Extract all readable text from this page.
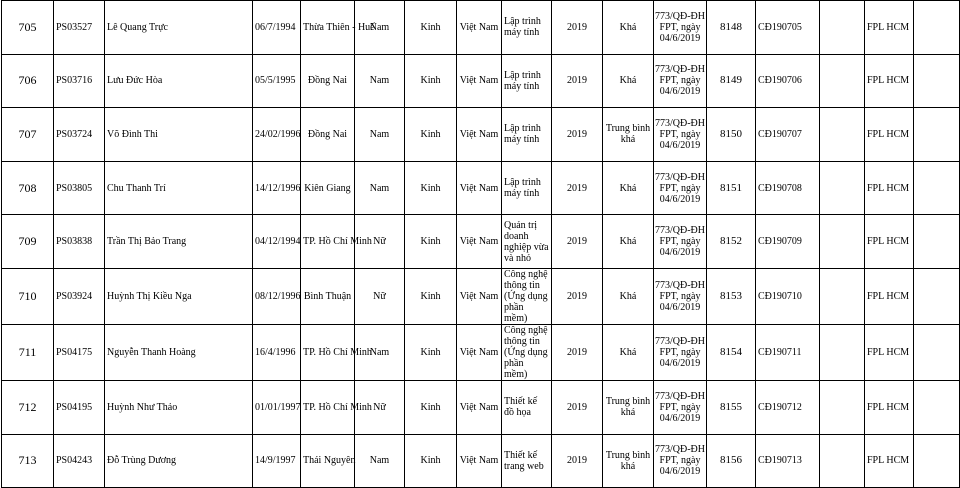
705	PS03527	Lê Quang Trực	06/7/1994	Thừa Thiên - Huế	Nam	Kinh	Việt Nam	Lập trình máy tính	2019	Khá	773/QĐ-ĐH FPT, ngày 04/6/2019	8148	CĐ190705		FPL HCM	
706	PS03716	Lưu Đức Hòa	05/5/1995	Đồng Nai	Nam	Kinh	Việt Nam	Lập trình máy tính	2019	Khá	773/QĐ-ĐH FPT, ngày 04/6/2019	8149	CĐ190706		FPL HCM	
707	PS03724	Võ Đình Thi	24/02/1996	Đồng Nai	Nam	Kinh	Việt Nam	Lập trình máy tính	2019	Trung bình khá	773/QĐ-ĐH FPT, ngày 04/6/2019	8150	CĐ190707		FPL HCM	
708	PS03805	Chu Thanh Trí	14/12/1996	Kiên Giang	Nam	Kinh	Việt Nam	Lập trình máy tính	2019	Khá	773/QĐ-ĐH FPT, ngày 04/6/2019	8151	CĐ190708		FPL HCM	
709	PS03838	Trần Thị Bảo Trang	04/12/1994	TP. Hồ Chí Minh	Nữ	Kinh	Việt Nam	Quản trị doanh nghiệp vừa và nhỏ	2019	Khá	773/QĐ-ĐH FPT, ngày 04/6/2019	8152	CĐ190709		FPL HCM	
710	PS03924	Huỳnh Thị Kiều Nga	08/12/1996	Bình Thuận	Nữ	Kinh	Việt Nam	Công nghệ thông tin (Ứng dụng phần mềm)	2019	Khá	773/QĐ-ĐH FPT, ngày 04/6/2019	8153	CĐ190710		FPL HCM	
711	PS04175	Nguyễn Thanh Hoàng	16/4/1996	TP. Hồ Chí Minh	Nam	Kinh	Việt Nam	Công nghệ thông tin (Ứng dụng phần mềm)	2019	Khá	773/QĐ-ĐH FPT, ngày 04/6/2019	8154	CĐ190711		FPL HCM	
712	PS04195	Huỳnh Như Thảo	01/01/1997	TP. Hồ Chí Minh	Nữ	Kinh	Việt Nam	Thiết kế đồ họa	2019	Trung bình khá	773/QĐ-ĐH FPT, ngày 04/6/2019	8155	CĐ190712		FPL HCM	
713	PS04243	Đỗ Trùng Dương	14/9/1997	Thái Nguyên	Nam	Kinh	Việt Nam	Thiết kế trang web	2019	Trung bình khá	773/QĐ-ĐH FPT, ngày 04/6/2019	8156	CĐ190713		FPL HCM	
